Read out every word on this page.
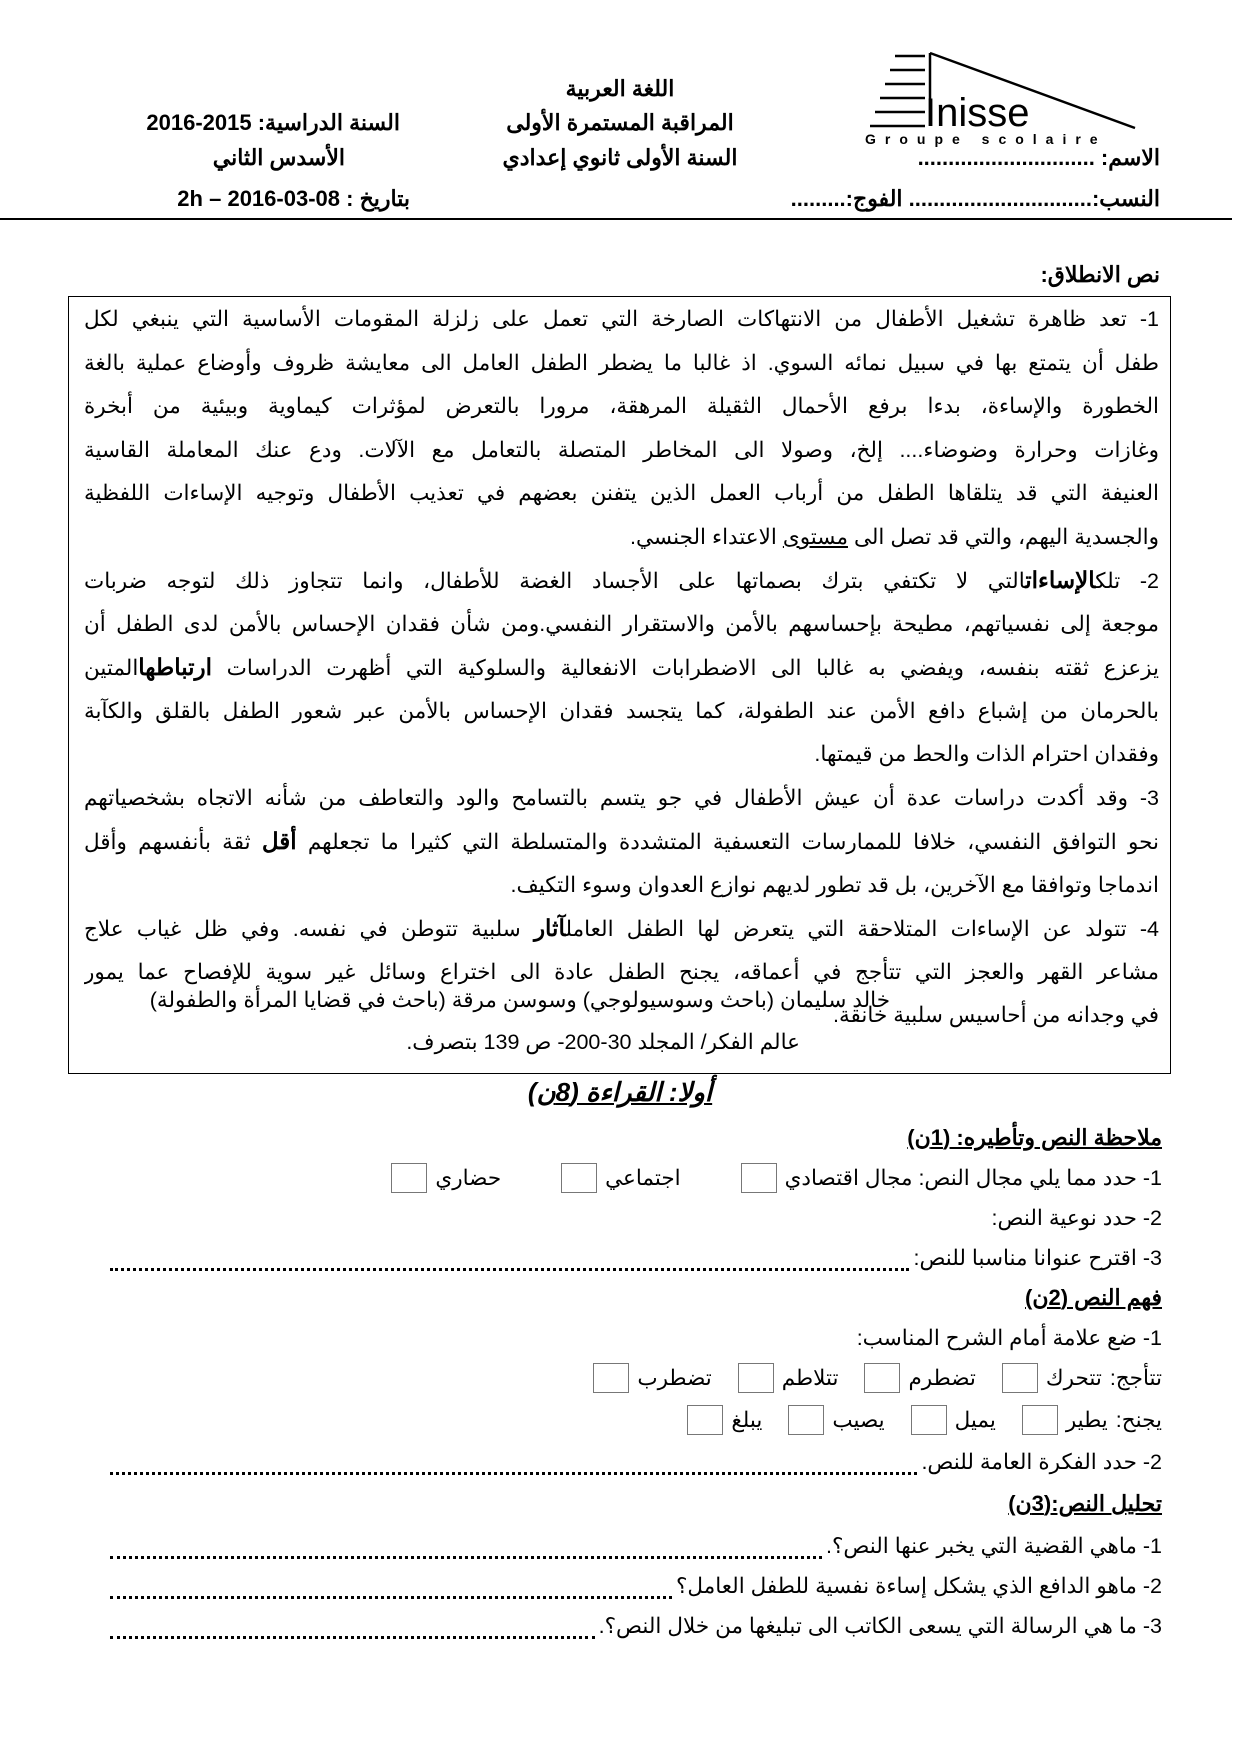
Inisse
Groupe scolaire
اللغة العربية
المراقبة المستمرة الأولى
السنة الأولى ثانوي إعدادي
السنة الدراسية: 2015-2016
الأسدس الثاني
بتاريخ : 08-03-2016 – 2h
الاسم: .............................
النسب:.............................. الفوج:.........
نص الانطلاق:
1- تعد ظاهرة تشغيل الأطفال من الانتهاكات الصارخة التي تعمل على زلزلة المقومات الأساسية التي ينبغي لكل
طفل أن يتمتع بها في سبيل نمائه السوي. اذ غالبا ما يضطر الطفل العامل الى معايشة ظروف وأوضاع عملية بالغة
الخطورة والإساءة، بدءا برفع الأحمال الثقيلة المرهقة، مرورا بالتعرض لمؤثرات كيماوية وبيئية من أبخرة
وغازات وحرارة وضوضاء.... إلخ، وصولا الى المخاطر المتصلة بالتعامل مع الآلات. ودع عنك المعاملة القاسية
العنيفة التي قد يتلقاها الطفل من أرباب العمل الذين يتفنن بعضهم في تعذيب الأطفال وتوجيه الإساءات اللفظية
والجسدية اليهم، والتي قد تصل الى مستوى الاعتداء الجنسي.
2- تلكالإساءاتالتي لا تكتفي بترك بصماتها على الأجساد الغضة للأطفال، وانما تتجاوز ذلك لتوجه ضربات
موجعة إلى نفسياتهم، مطيحة بإحساسهم بالأمن والاستقرار النفسي.ومن شأن فقدان الإحساس بالأمن لدى الطفل أن
يزعزع ثقته بنفسه، ويفضي به غالبا الى الاضطرابات الانفعالية والسلوكية التي أظهرت الدراسات ارتباطهاالمتين
بالحرمان من إشباع دافع الأمن عند الطفولة، كما يتجسد فقدان الإحساس بالأمن عبر شعور الطفل بالقلق والكآبة
وفقدان احترام الذات والحط من قيمتها.
3- وقد أكدت دراسات عدة أن عيش الأطفال في جو يتسم بالتسامح والود والتعاطف من شأنه الاتجاه بشخصياتهم
نحو التوافق النفسي، خلافا للممارسات التعسفية المتشددة والمتسلطة التي كثيرا ما تجعلهم أقل ثقة بأنفسهم وأقل
اندماجا وتوافقا مع الآخرين، بل قد تطور لديهم نوازع العدوان وسوء التكيف.
4- تتولد عن الإساءات المتلاحقة التي يتعرض لها الطفل العاملآثار سلبية تتوطن في نفسه. وفي ظل غياب علاج
مشاعر القهر والعجز التي تتأجج في أعماقه، يجنح الطفل عادة الى اختراع وسائل غير سوية للإفصاح عما يمور
في وجدانه من أحاسيس سلبية خانقة.
خالد سليمان (باحث وسوسيولوجي) وسوسن مرقة (باحث في قضايا المرأة والطفولة)
عالم الفكر/ المجلد 30-200- ص 139 بتصرف.
أولا: القراءة (8ن)
ملاحظة النص وتأطيره: (1ن)
1- حدد مما يلي مجال النص: مجال اقتصادي
اجتماعي
حضاري
2- حدد نوعية النص:
3- اقترح عنوانا مناسبا للنص:
فهم النص (2ن)
1- ضع علامة أمام الشرح المناسب:
تتأجج:
تتحرك
تضطرم
تتلاطم
تضطرب
يجنح:
يطير
يميل
يصيب
يبلغ
2- حدد الفكرة العامة للنص.
تحليل النص:(3ن)
1- ماهي القضية التي يخبر عنها النص؟.
2- ماهو الدافع الذي يشكل إساءة نفسية للطفل العامل؟
3- ما هي الرسالة التي يسعى الكاتب الى تبليغها من خلال النص؟.
